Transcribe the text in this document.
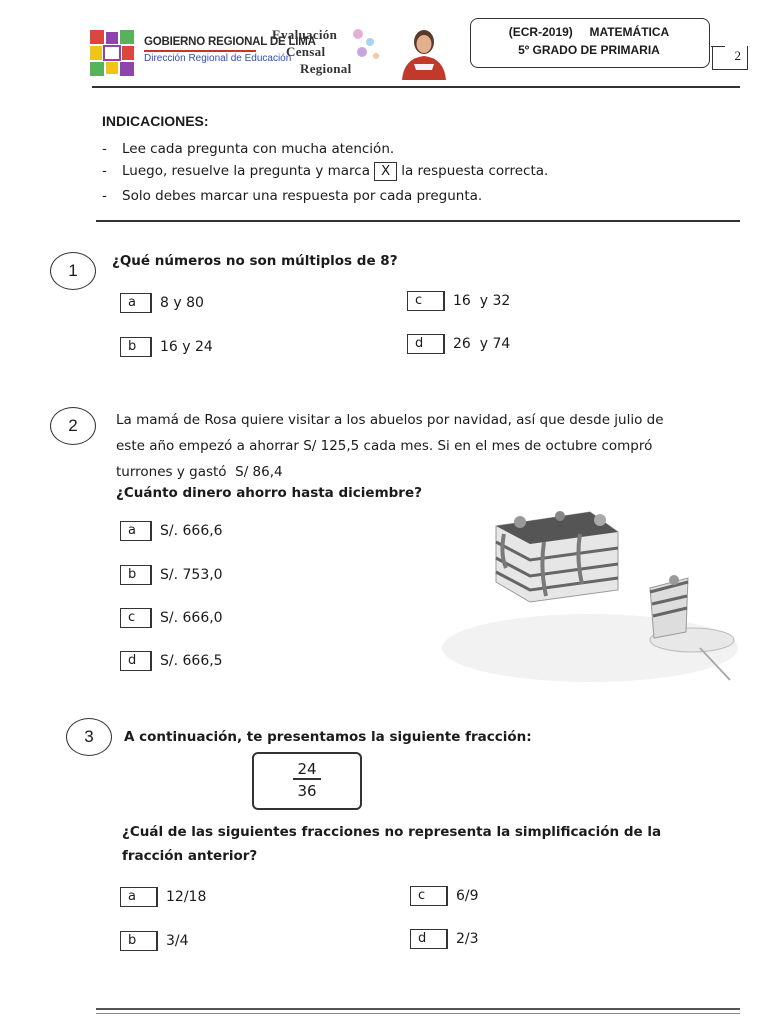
GOBIERNO REGIONAL DE LIMA
Dirección Regional de Educación
Evaluación
Censal
Regional
(ECR-2019)     MATEMÁTICA
5º GRADO DE PRIMARIA	2
INDICACIONES:
- Lee cada pregunta con mucha atención.
- Luego, resuelve la pregunta y marca X la respuesta correcta.
- Solo debes marcar una respuesta por cada pregunta.
1	¿Qué números no son múltiplos de 8?
a 8 y 80
b 16 y 24
c 16  y 32
d 26  y 74
2	La mamá de Rosa quiere visitar a los abuelos por navidad, así que desde julio de
este año empezó a ahorrar S/ 125,5 cada mes. Si en el mes de octubre compró
turrones y gastó  S/ 86,4
¿Cuánto dinero ahorro hasta diciembre?
a S/. 666,6
b S/. 753,0
c S/. 666,0
d S/. 666,5
3	A continuación, te presentamos la siguiente fracción:
24
36
¿Cuál de las siguientes fracciones no representa la simplificación de la
fracción anterior?
a 12/18
b 3/4
c 6/9
d 2/3
